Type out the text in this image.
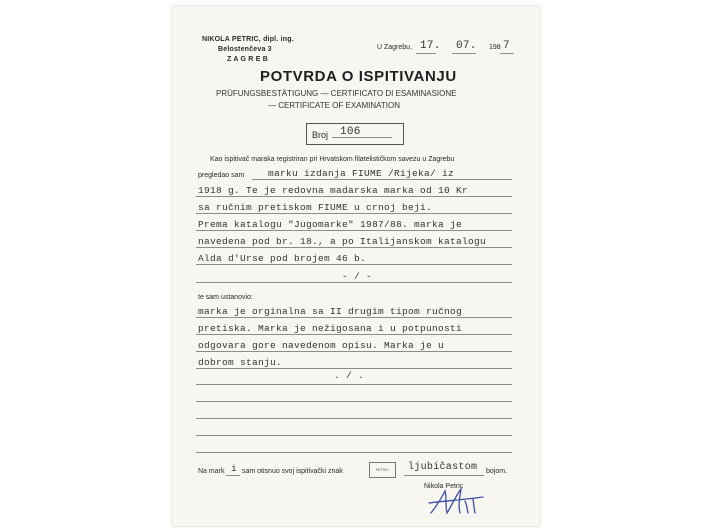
NIKOLA PETRIC, dipl. ing.
Belostenčeva 3
Z A G R E B
U Zagrebu, 17. 07. 198 7
POTVRDA O ISPITIVANJU
PRÜFUNGSBESTÄTIGUNG — CERTIFICATO DI ESAMINASIONE
— CERTIFICATE OF EXAMINATION
Broj 106
Kao ispitivač maraka registriran pri Hrvatskom filatelističkom savezu u Zagrebu
pregledao sam marku izdanja FIUME /Rijeka/ iz
1918 g. Te je redovna madarska marka od 10 Kr
sa ručnim pretiskom FIUME u crnoj beji.
Prema katalogu "Jugomarke" 1987/88. marka je
navedena pod br. 18., a po Italijanskom katalogu
Alda d'Urse pod brojem 46 b.
- / -
te sam ustanovio:
marka je orginalna sa II drugim tipom ručnog
pretiska. Marka je nežigosana i u potpunosti
odgovara gore navedenom opisu. Marka je u
dobrom stanju.
. / .
Na mark i sam otisnuo svoj ispitivački znak	PETRIC ljubičastom bojom.
Nikola Petric
